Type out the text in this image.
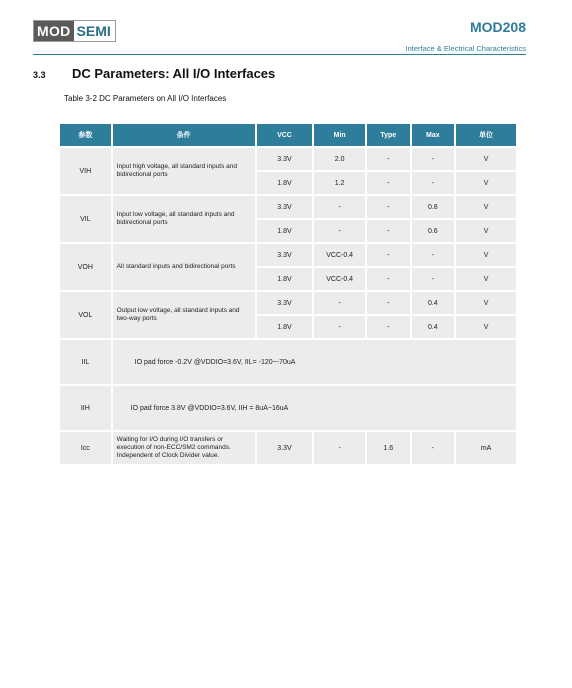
MOD SEMI	MOD208
Interface & Electrical Characteristics
3.3 DC Parameters: All I/O Interfaces
Table 3-2 DC Parameters on All I/O Interfaces
参数	条件	VCC	Min	Type	Max	单位
VIH	Input high voltage, all standard inputs and bidirectional ports	3.3V	2.0	-	-	V
		1.8V	1.2	-	-	V
VIL	Input low voltage, all standard inputs and bidirectional ports	3.3V	-	-	0.8	V
		1.8V	-	-	0.6	V
VOH	All standard inputs and bidirectional ports	3.3V	VCC-0.4	-	-	V
		1.8V	VCC-0.4	-	-	V
VOL	Output low voltage, all standard inputs and two-way ports	3.3V	-	-	0.4	V
		1.8V	-	-	0.4	V
IIL	IO pad force -0.2V @VDDIO=3.6V, IIL= -120~-70uA					
IIH	IO pad force 3.8V @VDDIO=3.6V, IIH = 8uA~16uA					
Icc	Waiting for I/O during I/O transfers or execution of non-ECC/SM2 commands. Independent of Clock Divider value.	3.3V	-	1.6	-	mA
